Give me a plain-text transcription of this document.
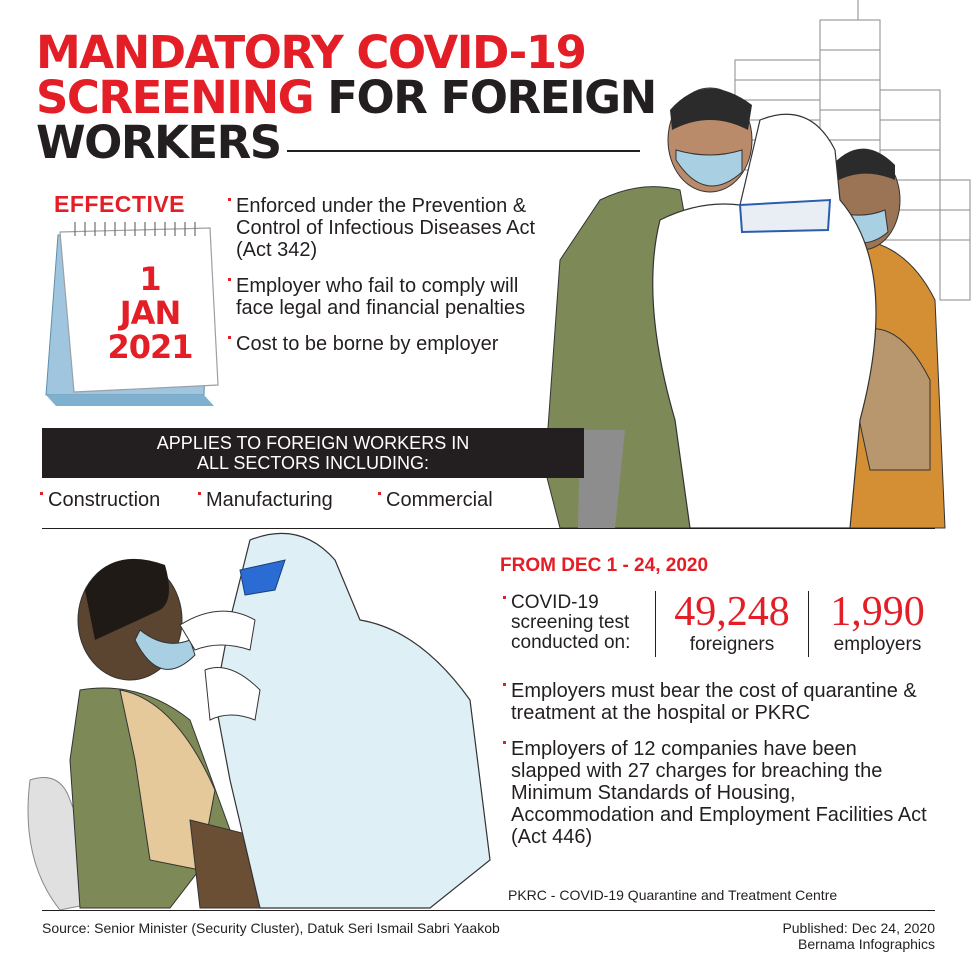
MANDATORY COVID-19
SCREENING FOR FOREIGN
WORKERS
EFFECTIVE
1
JAN
2021
Enforced under the Prevention & Control of Infectious Diseases Act (Act 342)
Employer who fail to comply will face legal and financial penalties
Cost to be borne by employer
APPLIES TO FOREIGN WORKERS IN
ALL SECTORS INCLUDING:
Construction Manufacturing	Commercial
FROM DEC 1 - 24, 2020
COVID-19 screening test conducted on:
49,248
foreigners
1,990
employers
Employers must bear the cost of quarantine & treatment at the hospital or PKRC
Employers of 12 companies have been slapped with 27 charges for breaching the Minimum Standards of Housing, Accommodation and Employment Facilities Act (Act 446)
PKRC - COVID-19 Quarantine and Treatment Centre
Source: Senior Minister (Security Cluster), Datuk Seri Ismail Sabri Yaakob	Published: Dec 24, 2020
Bernama Infographics
